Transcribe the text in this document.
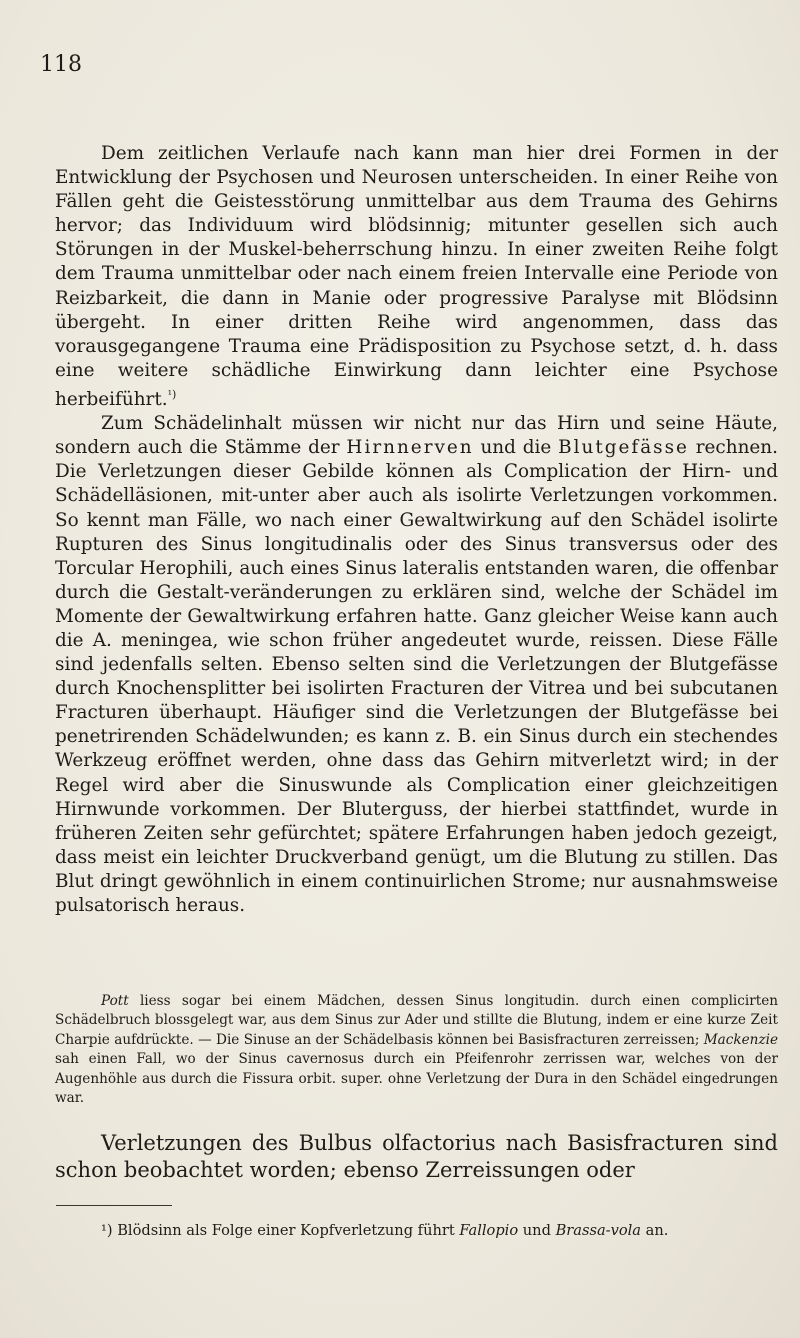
118

Dem zeitlichen Verlaufe nach kann man hier drei Formen in der Entwicklung der Psychosen und Neurosen unterscheiden. In einer Reihe von Fällen geht die Geistesstörung unmittelbar aus dem Trauma des Gehirns hervor; das Individuum wird blödsinnig; mitunter gesellen sich auch Störungen in der Muskel-beherrschung hinzu. In einer zweiten Reihe folgt dem Trauma unmittelbar oder nach einem freien Intervalle eine Periode von Reizbarkeit, die dann in Manie oder progressive Paralyse mit Blödsinn übergeht. In einer dritten Reihe wird angenommen, dass das vorausgegangene Trauma eine Prädisposition zu Psychose setzt, d. h. dass eine weitere schädliche Einwirkung dann leichter eine Psychose herbeiführt.$^{^1)}$

Zum Schädelinhalt müssen wir nicht nur das Hirn und seine Häute, sondern auch die Stämme der Hirnnerven und die Blutgefässe rechnen. Die Verletzungen dieser Gebilde können als Complication der Hirn- und Schädelläsionen, mit-unter aber auch als isolirte Verletzungen vorkommen. So kennt man Fälle, wo nach einer Gewaltwirkung auf den Schädel isolirte Rupturen des Sinus longitudinalis oder des Sinus transversus oder des Torcular Herophili, auch eines Sinus lateralis entstanden waren, die offenbar durch die Gestalt-veränderungen zu erklären sind, welche der Schädel im Momente der Gewaltwirkung erfahren hatte. Ganz gleicher Weise kann auch die A. meningea, wie schon früher angedeutet wurde, reissen. Diese Fälle sind jedenfalls selten. Ebenso selten sind die Verletzungen der Blutgefässe durch Knochensplitter bei isolirten Fracturen der Vitrea und bei subcutanen Fracturen überhaupt. Häufiger sind die Verletzungen der Blutgefässe bei penetrirenden Schädelwunden; es kann z. B. ein Sinus durch ein stechendes Werkzeug eröffnet werden, ohne dass das Gehirn mitverletzt wird; in der Regel wird aber die Sinuswunde als Complication einer gleichzeitigen Hirnwunde vorkommen. Der Bluterguss, der hierbei stattfindet, wurde in früheren Zeiten sehr gefürchtet; spätere Erfahrungen haben jedoch gezeigt, dass meist ein leichter Druckverband genügt, um die Blutung zu stillen. Das Blut dringt gewöhnlich in einem continuirlichen Strome; nur ausnahmsweise pulsatorisch heraus.

Pott liess sogar bei einem Mädchen, dessen Sinus longitudin. durch einen complicirten Schädelbruch blossgelegt war, aus dem Sinus zur Ader und stillte die Blutung, indem er eine kurze Zeit Charpie aufdrückte. — Die Sinuse an der Schädelbasis können bei Basisfracturen zerreissen; Mackenzie sah einen Fall, wo der Sinus cavernosus durch ein Pfeifenrohr zerrissen war, welches von der Augenhöhle aus durch die Fissura orbit. super. ohne Verletzung der Dura in den Schädel eingedrungen war.

Verletzungen des Bulbus olfactorius nach Basisfracturen sind schon beobachtet worden; ebenso Zerreissungen oder

¹) Blödsinn als Folge einer Kopfverletzung führt Fallopio und Brassa-vola an.
